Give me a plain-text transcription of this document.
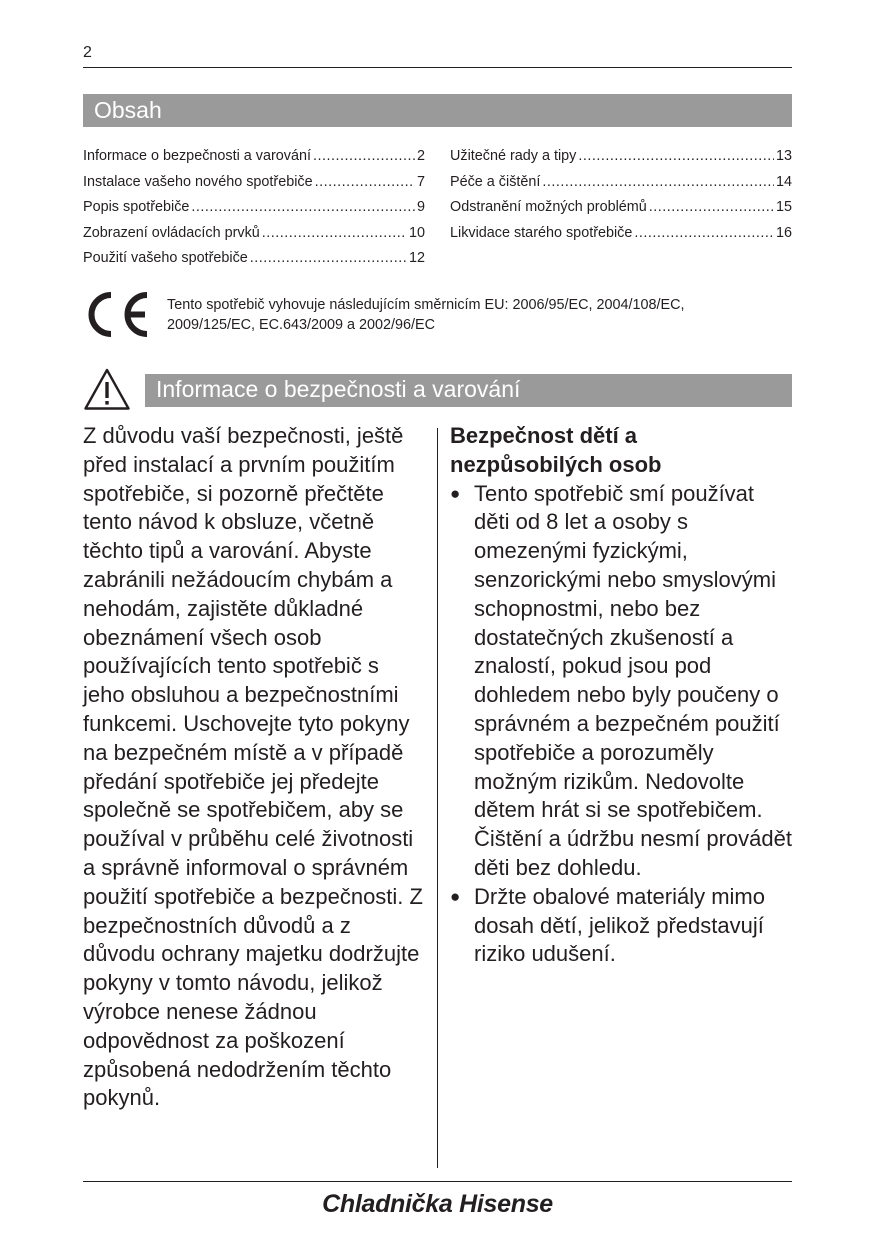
2
Obsah
Informace o bezpečnosti a varování .....	2
Instalace vašeho nového spotřebiče .....	7
Popis spotřebiče .....	9
Zobrazení ovládacích prvků .....	10
Použití vašeho spotřebiče .....	12
Užitečné rady a tipy .....	13
Péče a čištění .....	14
Odstranění možných problémů .....	15
Likvidace starého spotřebiče .....	16
Tento spotřebič vyhovuje následujícím směrnicím EU: 2006/95/EC, 2004/108/EC,
2009/125/EC, EC.643/2009 a 2002/96/EC
Informace o bezpečnosti a varování

Z důvodu vaší bezpečnosti, ještě před instalací a prvním použitím spotřebiče, si pozorně přečtěte tento návod k obsluze, včetně těchto tipů a varování. Abyste zabránili nežádoucím chybám a nehodám, zajistěte důkladné obeznámení všech osob používajících tento spotřebič s jeho obsluhou a bezpečnostními funkcemi. Uschovejte tyto pokyny na bezpečném místě a v případě předání spotřebiče jej předejte společně se spotřebičem, aby se používal v průběhu celé životnosti a správně informoval o správném použití spotřebiče a bezpečnosti. Z bezpečnostních důvodů a z důvodu ochrany majetku dodržujte pokyny v tomto návodu, jelikož výrobce nenese žádnou odpovědnost za poškození způsobená nedodržením těchto pokynů.

Bezpečnost dětí a
nezpůsobilých osob

● Tento spotřebič smí používat děti od 8 let a osoby s omezenými fyzickými, senzorickými nebo smyslovými schopnostmi, nebo bez dostatečných zkušeností a znalostí, pokud jsou pod dohledem nebo byly poučeny o správném a bezpečném použití spotřebiče a porozuměly možným rizikům. Nedovolte dětem hrát si se spotřebičem. Čištění a údržbu nesmí provádět děti bez dohledu.
● Držte obalové materiály mimo dosah dětí, jelikož představují riziko udušení.
Chladnička Hisense
